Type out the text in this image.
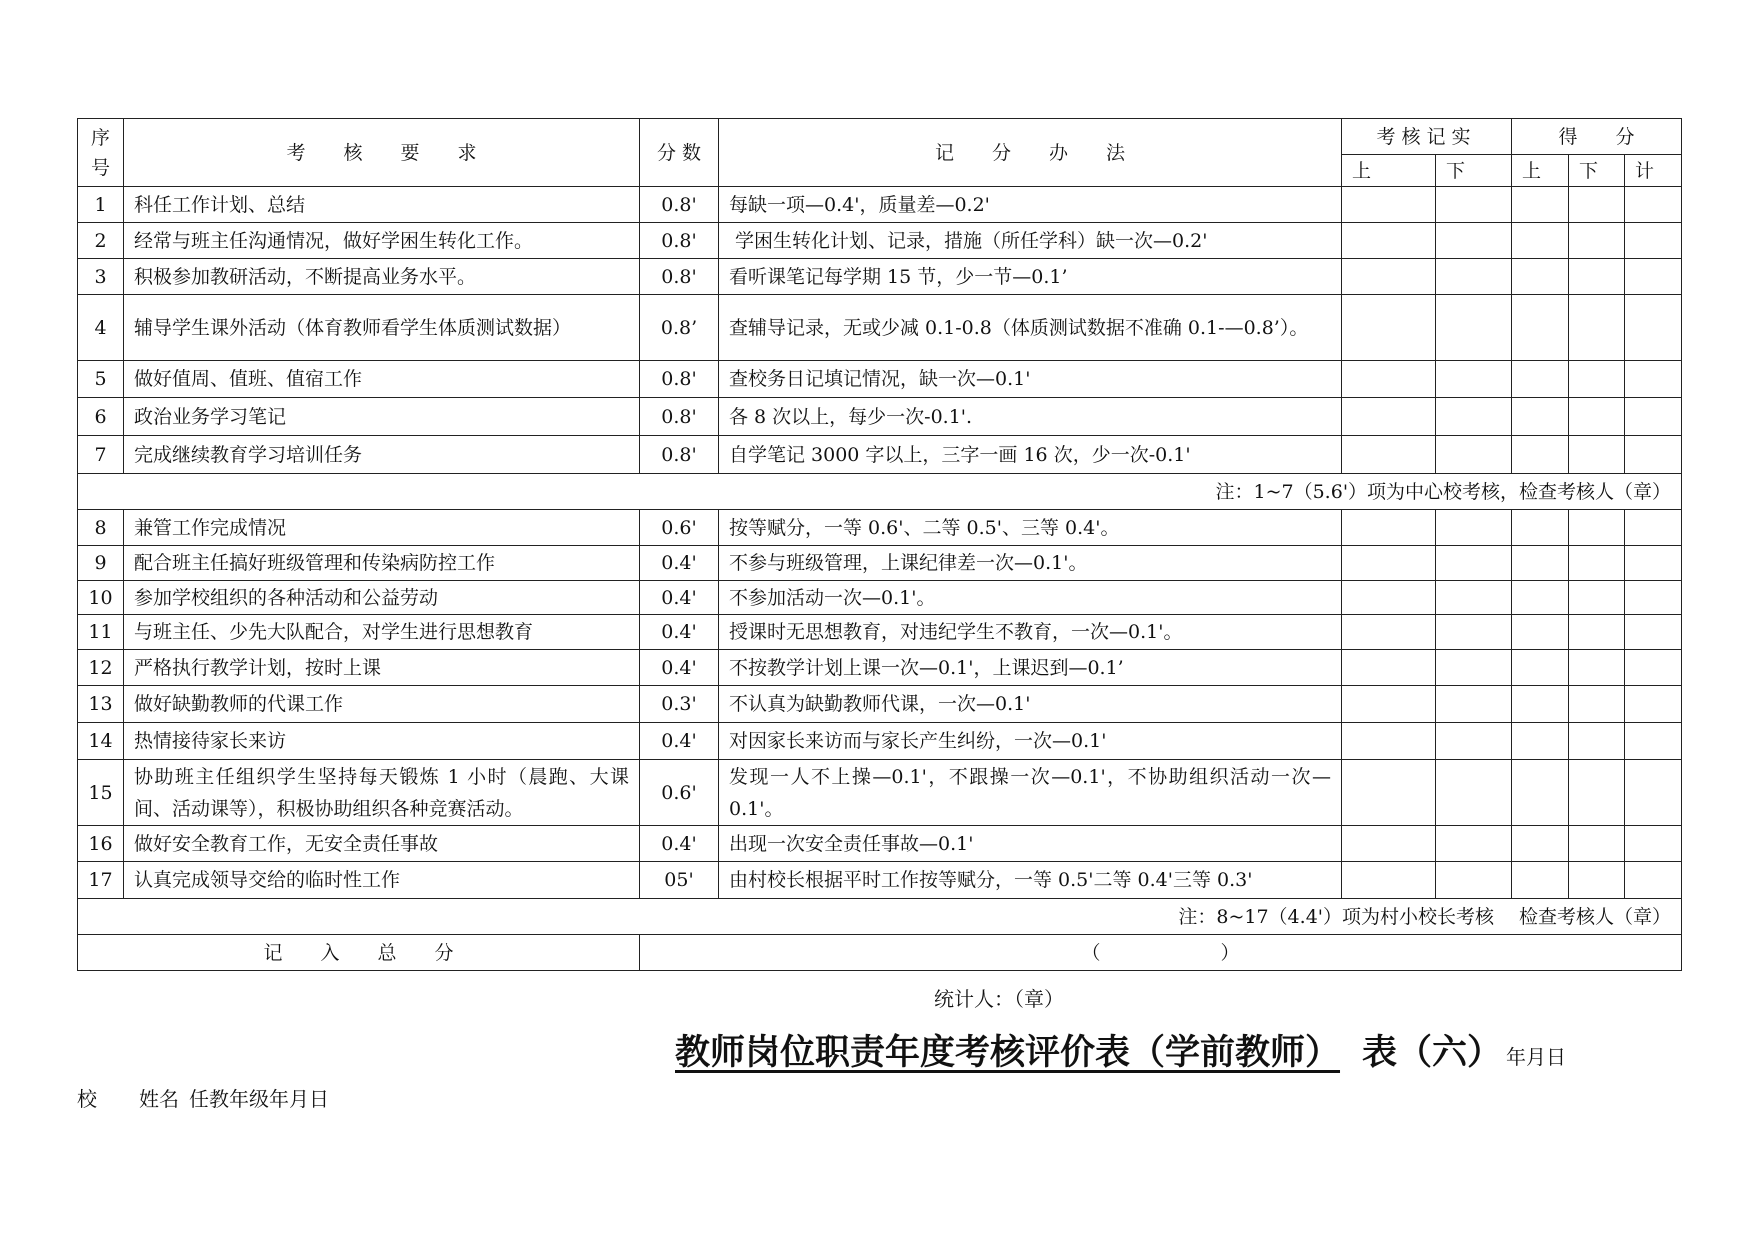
序号	考　　核　　要　　求	分 数	记　　分　　办　　法	考核记实		得　　分		
				上	下	上	下	计
1	科任工作计划、总结	0.8'	每缺一项—0.4'，质量差—0.2'					
2	经常与班主任沟通情况，做好学困生转化工作。	0.8'	学困生转化计划、记录，措施（所任学科）缺一次—0.2'					
3	积极参加教研活动，不断提高业务水平。	0.8'	看听课笔记每学期 15 节，少一节—0.1’					
4	辅导学生课外活动（体育教师看学生体质测试数据）	0.8’	查辅导记录，无或少减 0.1-0.8（体质测试数据不准确 0.1-—0.8’）。					
5	做好值周、值班、值宿工作	0.8'	查校务日记填记情况，缺一次—0.1'					
6	政治业务学习笔记	0.8'	各 8 次以上，每少一次-0.1'.					
7	完成继续教育学习培训任务	0.8'	自学笔记 3000 字以上，三字一画 16 次，少一次-0.1'					
注：1~7（5.6'）项为中心校考核，检查考核人（章）								
8	兼管工作完成情况	0.6'	按等赋分，一等 0.6'、二等 0.5'、三等 0.4'。					
9	配合班主任搞好班级管理和传染病防控工作	0.4'	不参与班级管理，上课纪律差一次—0.1'。					
10	参加学校组织的各种活动和公益劳动	0.4'	不参加活动一次—0.1'。					
11	与班主任、少先大队配合，对学生进行思想教育	0.4'	授课时无思想教育，对违纪学生不教育，一次—0.1'。					
12	严格执行教学计划，按时上课	0.4'	不按教学计划上课一次—0.1'，上课迟到—0.1’					
13	做好缺勤教师的代课工作	0.3'	不认真为缺勤教师代课，一次—0.1'					
14	热情接待家长来访	0.4'	对因家长来访而与家长产生纠纷，一次—0.1'					
15	协助班主任组织学生坚持每天锻炼 1 小时（晨跑、大课间、活动课等），积极协助组织各种竞赛活动。	0.6'	发现一人不上操—0.1'，不跟操一次—0.1'，不协助组织活动一次—0.1'。					
16	做好安全教育工作，无安全责任事故	0.4'	出现一次安全责任事故—0.1'					
17	认真完成领导交给的临时性工作	05'	由村校长根据平时工作按等赋分，一等 0.5'二等 0.4'三等 0.3'					
注：8~17（4.4'）项为村小校长考核　 检查考核人（章）								
记　　入　　总　　分		（ ）						
统计人：（章）
教师岗位职责年度考核评价表（学前教师） 表（六） 年月日
校 姓名 任教年级年月日
